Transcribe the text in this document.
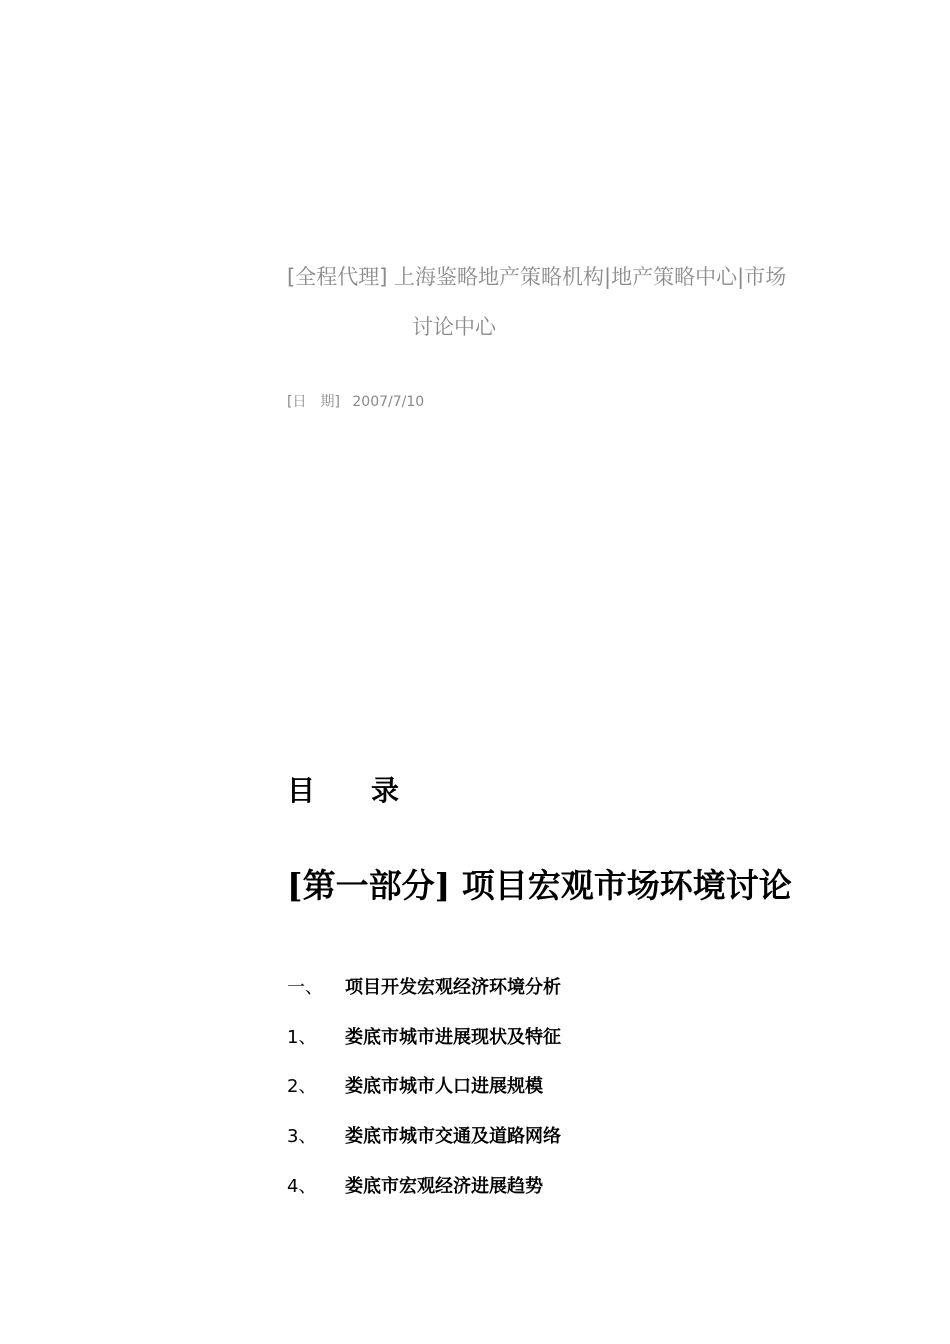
[全程代理] 上海鉴略地产策略机构|地产策略中心|市场
讨论中心
[日　期] 2007/7/10
目 录
[第一部分] 项目宏观市场环境讨论
一、	项目开发宏观经济环境分析
1、	娄底市城市进展现状及特征
2、	娄底市城市人口进展规模
3、	娄底市城市交通及道路网络
4、	娄底市宏观经济进展趋势
